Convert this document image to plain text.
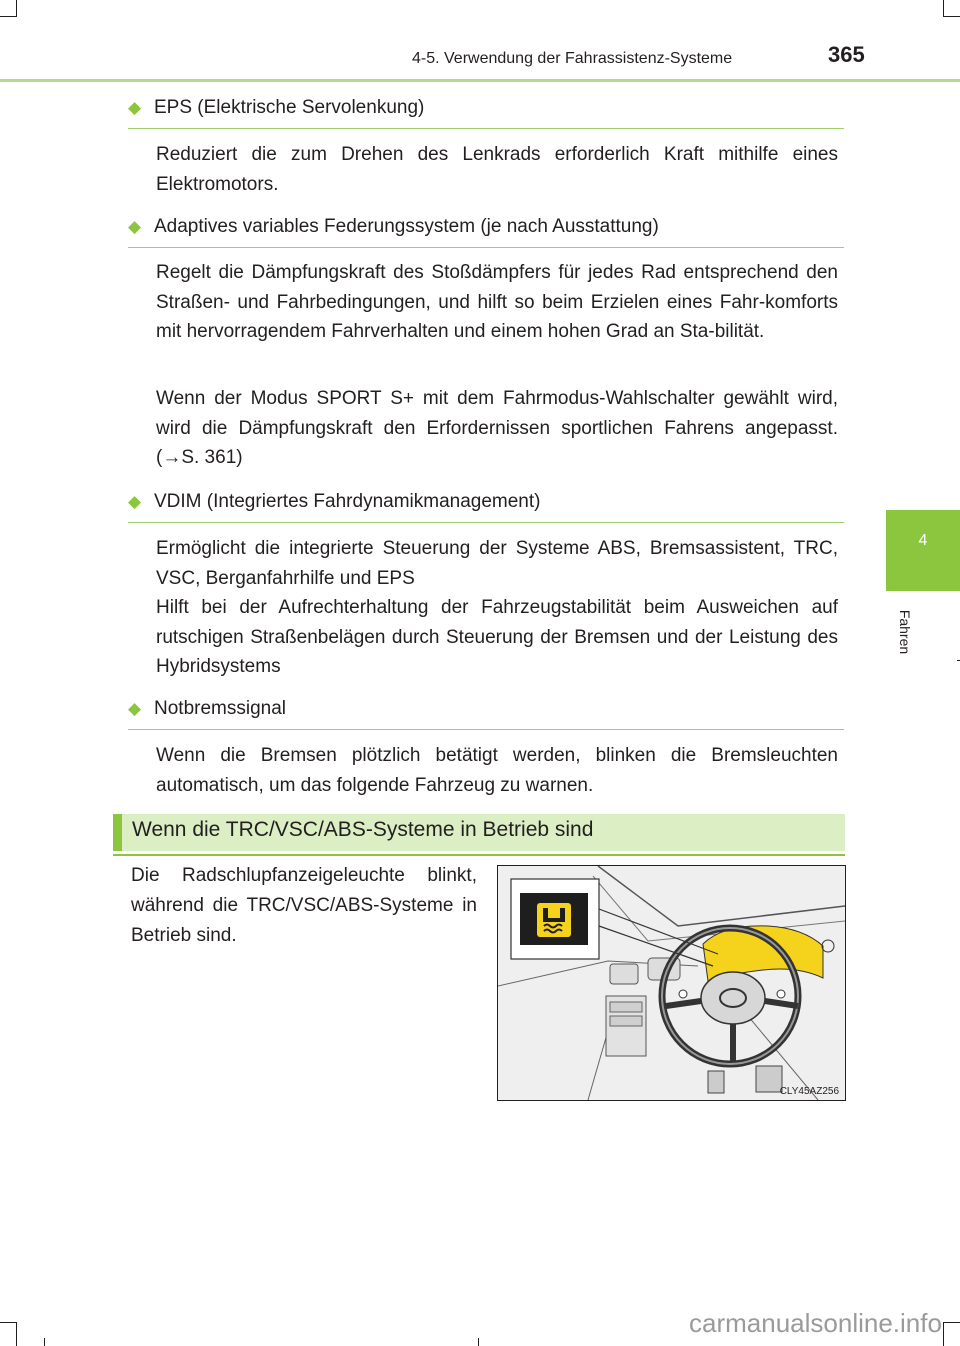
4-5. Verwendung der Fahrassistenz-Systeme	365
4
Fahren
◆ EPS (Elektrische Servolenkung)
Reduziert die zum Drehen des Lenkrads erforderlich Kraft mithilfe eines Elektromotors.
◆ Adaptives variables Federungssystem (je nach Ausstattung)
Regelt die Dämpfungskraft des Stoßdämpfers für jedes Rad entsprechend den Straßen- und Fahrbedingungen, und hilft so beim Erzielen eines Fahr-komforts mit hervorragendem Fahrverhalten und einem hohen Grad an Sta-bilität.
Wenn der Modus SPORT S+ mit dem Fahrmodus-Wahlschalter gewählt wird, wird die Dämpfungskraft den Erfordernissen sportlichen Fahrens angepasst. (→S. 361)
◆ VDIM (Integriertes Fahrdynamikmanagement)
Ermöglicht die integrierte Steuerung der Systeme ABS, Bremsassistent, TRC, VSC, Berganfahrhilfe und EPS
Hilft bei der Aufrechterhaltung der Fahrzeugstabilität beim Ausweichen auf rutschigen Straßenbelägen durch Steuerung der Bremsen und der Leistung des Hybridsystems
◆ Notbremssignal
Wenn die Bremsen plötzlich betätigt werden, blinken die Bremsleuchten automatisch, um das folgende Fahrzeug zu warnen.
Wenn die TRC/VSC/ABS-Systeme in Betrieb sind
Die Radschlupfanzeigeleuchte blinkt, während die TRC/VSC/ABS-Systeme in Betrieb sind.
CLY45AZ256
carmanualsonline.info
